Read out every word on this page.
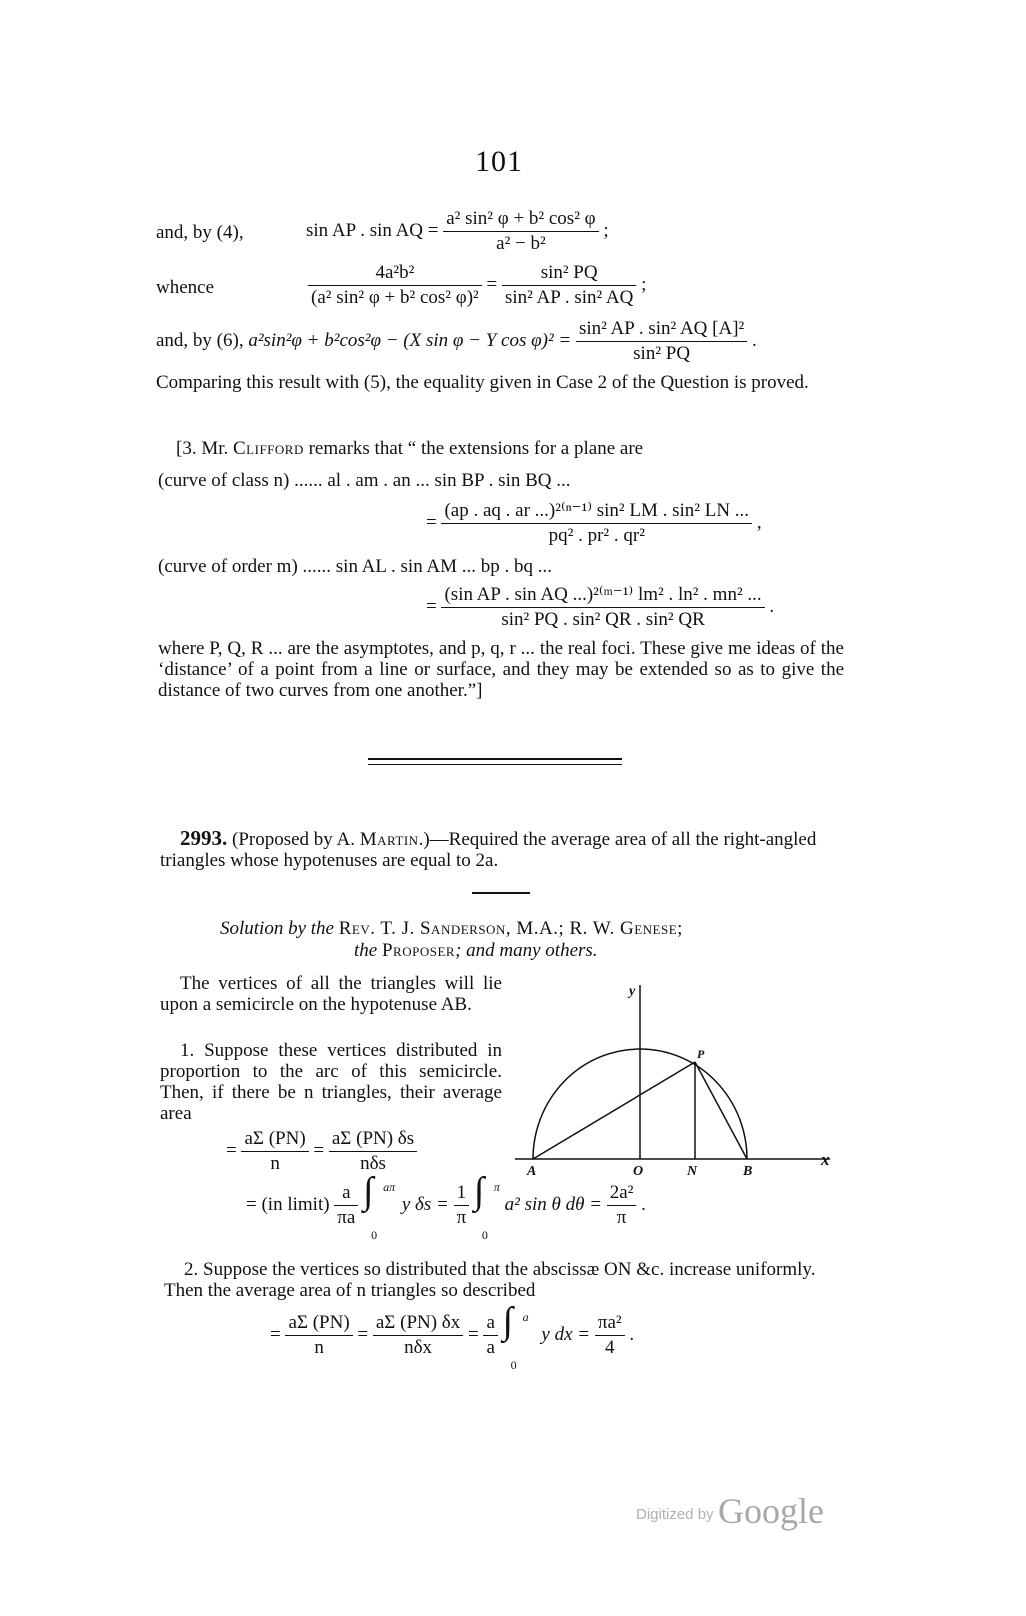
101
and, by (4),	sin AP . sin AQ = $\frac{\text{a² sin² φ + b² cos² φ}}{\text{a² − b²}}$ ;
whence	$\frac{\text{4a²b²}}{\text{(a² sin² φ + b² cos² φ)²}} = \frac{\text{sin² PQ}}{\text{sin² AP . sin² AQ}}$ ;
and, by (6), a²sin²φ + b²cos²φ − (X sin φ − Y $\cos \varphi)^2 = \frac{\text{sin² AP . sin² AQ [A]²}}{\text{sin² PQ}}$ .
Comparing this result with (5), the equality given in Case 2 of the Question is proved.
[3. Mr. Clifford remarks that “ the extensions for a plane are
(curve of class n) ...... al . am . an ... sin BP . sin BQ ...
= $\frac{\text{(ap . aq . ar ...)²⁽ⁿ⁻¹⁾ sin² LM . sin² LN ...}}{\text{pq² . pr² . qr²}}$ ,
(curve of order m) ...... sin AL . sin AM ... bp . bq ...
= $\frac{\text{(sin AP . sin AQ ...)²⁽ᵐ⁻¹⁾ lm² . ln² . mn² ...}}{\text{sin² PQ . sin² QR . sin² QR}}$ .
where P, Q, R ... are the asymptotes, and p, q, r ... the real foci. These give me ideas of the ‘distance’ of a point from a line or surface, and they may be extended so as to give the distance of two curves from one another.”]
2993. (Proposed by A. Martin.)—Required the average area of all the right-angled triangles whose hypotenuses are equal to 2a.
Solution by the Rev. T. J. Sanderson, M.A.; R. W. Genese;
the Proposer; and many others.
The vertices of all the triangles will lie upon a semicircle on the hypotenuse AB.
1. Suppose these vertices distributed in proportion to the arc of this semicircle. Then, if there be n triangles, their average area
= $\frac{a\Sigma (PN)}{n} = \frac{a\Sigma (PN) \delta s}{\text{nδs}}$
= (in limit) $\frac{a}{\pi a}$
∫ aπ
0
y $\delta s = \frac{1}{\pi}$
∫ π
0
a² sin θ $d\theta = \frac{\text{2a²}}{\pi}$ .
y
x
A	O	N	B
P
2. Suppose the vertices so distributed that the abscissæ ON &c. increase uniformly. Then the average area of n triangles so described
= $\frac{a\Sigma (PN)}{n} = \frac{a\Sigma (PN) \delta x}{\text{nδx}} = \frac{a}{a}$
∫ a
0
y dx = $\frac{\text{πa²}}{4}$ .
Digitized by Google
